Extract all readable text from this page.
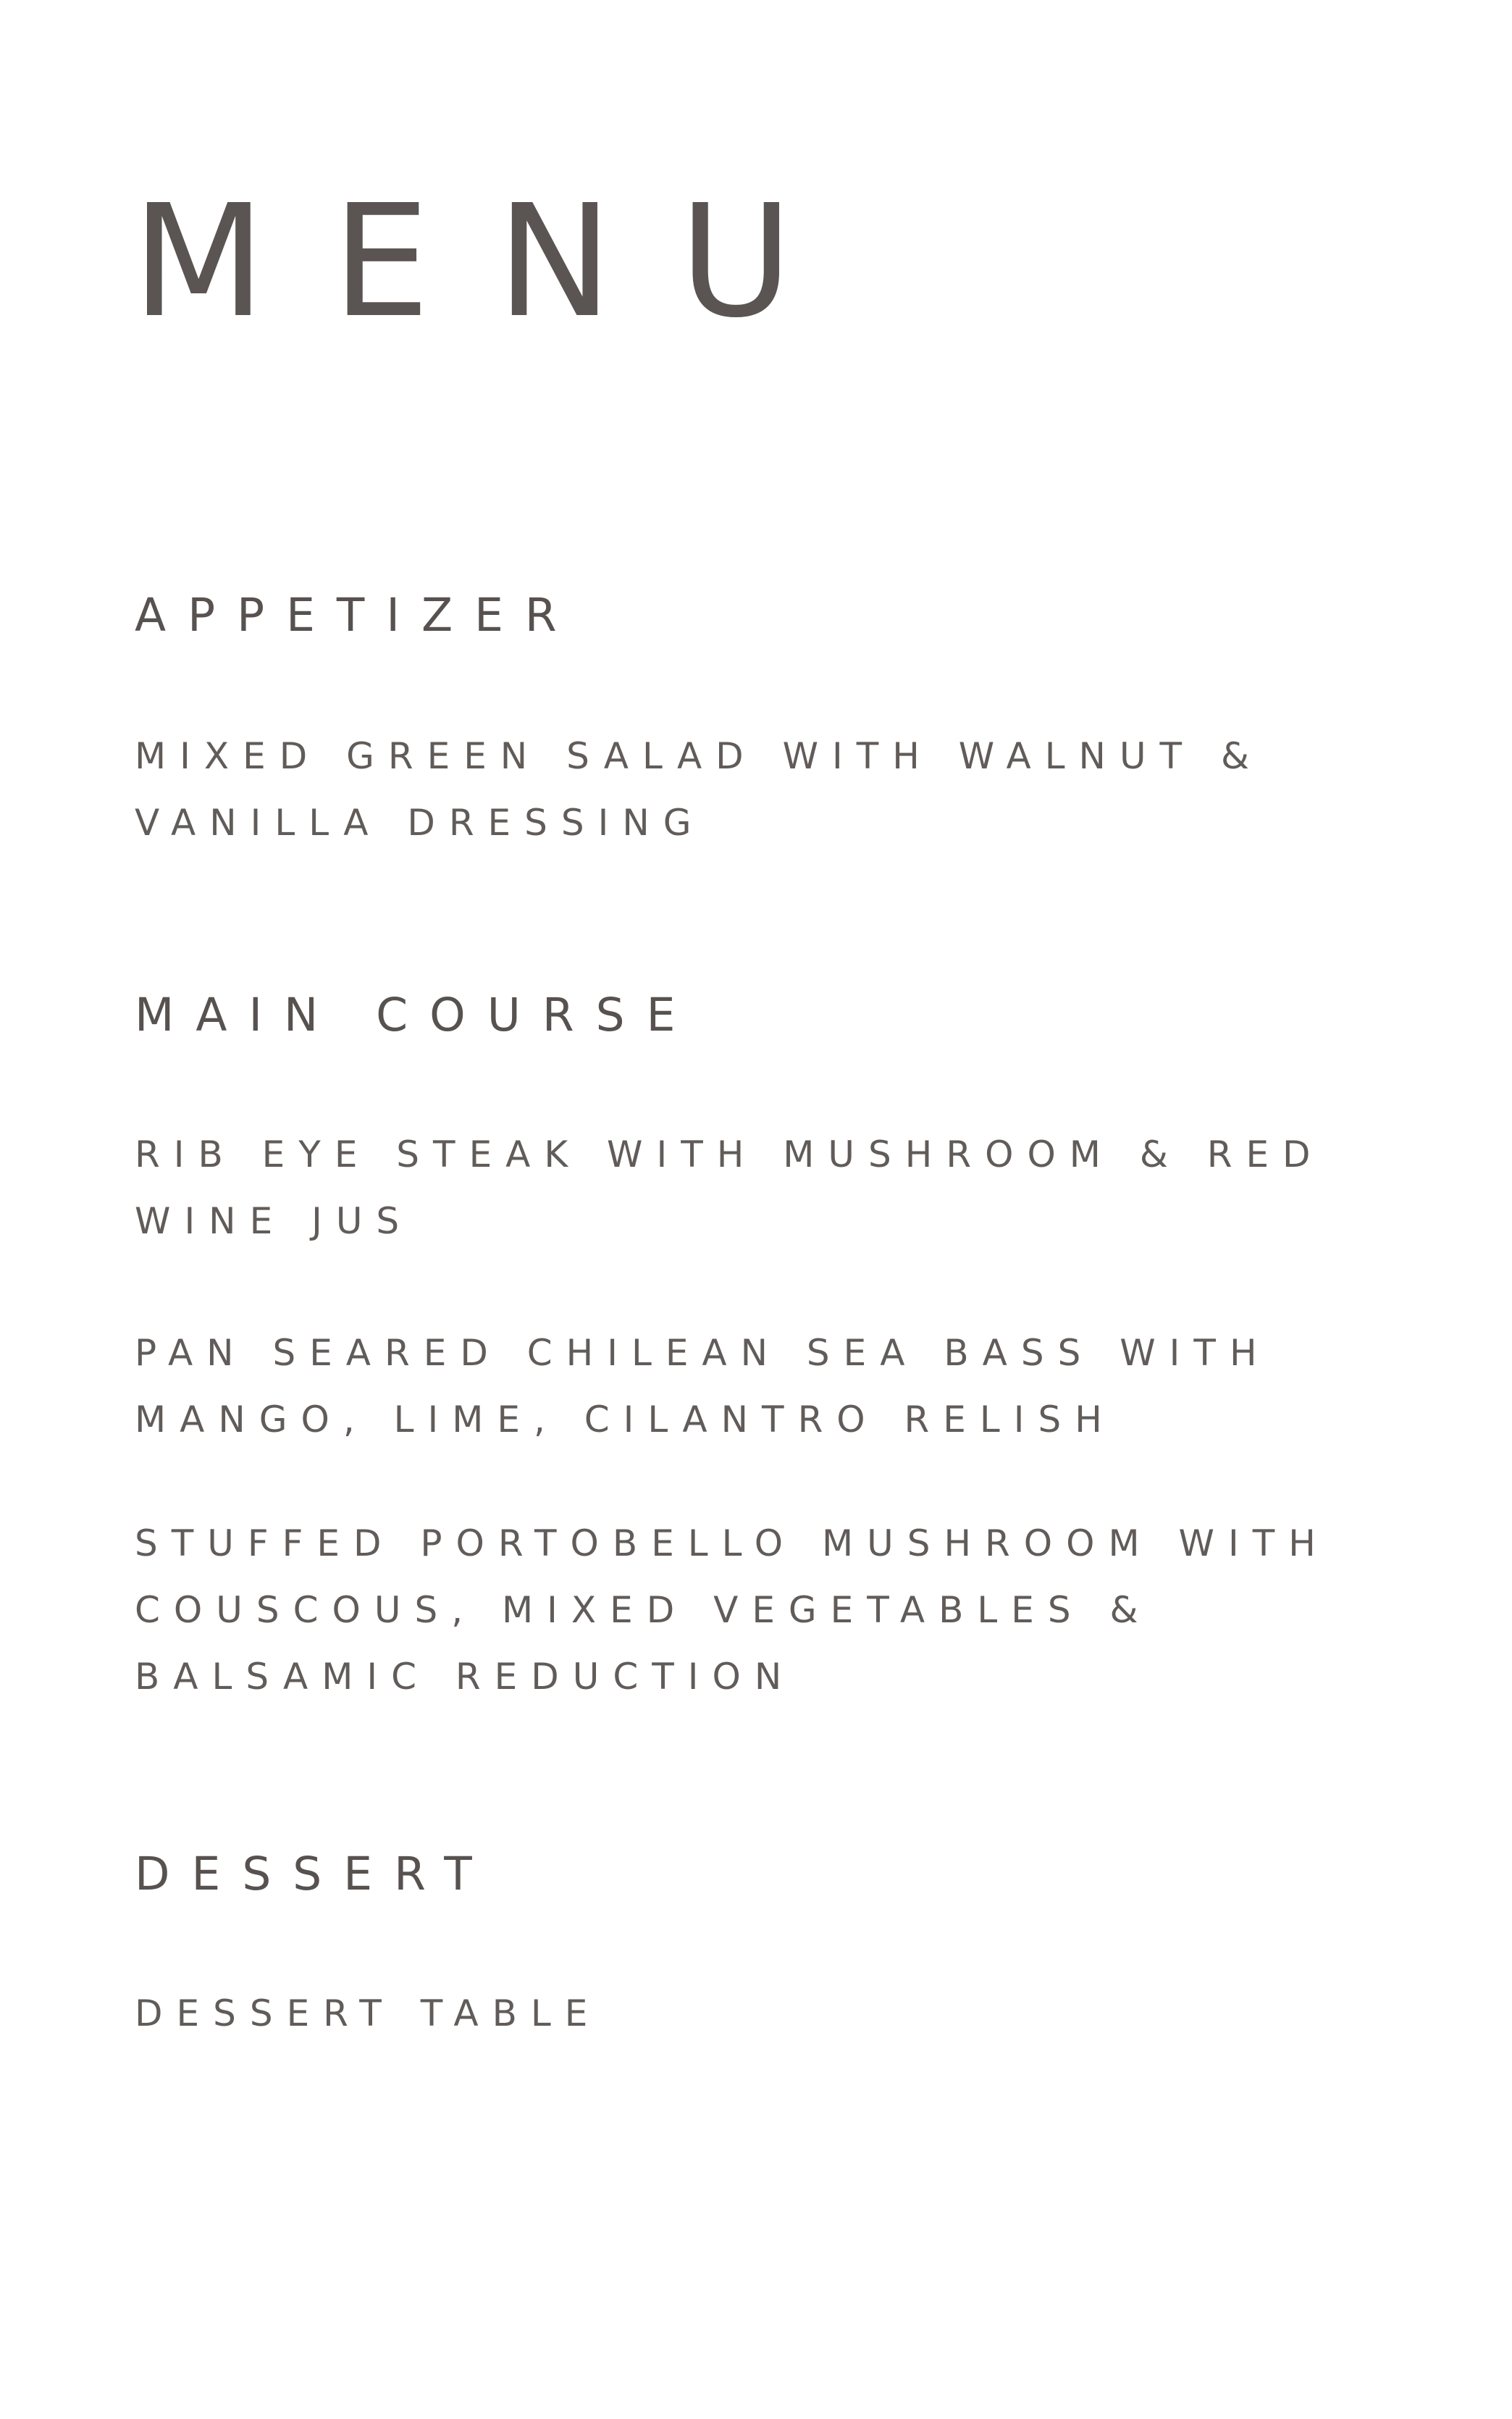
MENU
APPETIZER

MIXED GREEN SALAD WITH WALNUT & VANILLA DRESSING

MAIN COURSE

RIB EYE STEAK WITH MUSHROOM & RED WINE JUS

PAN SEARED CHILEAN SEA BASS WITH MANGO, LIME, CILANTRO RELISH

STUFFED PORTOBELLO MUSHROOM WITH COUSCOUS, MIXED VEGETABLES & BALSAMIC REDUCTION

DESSERT

DESSERT TABLE
